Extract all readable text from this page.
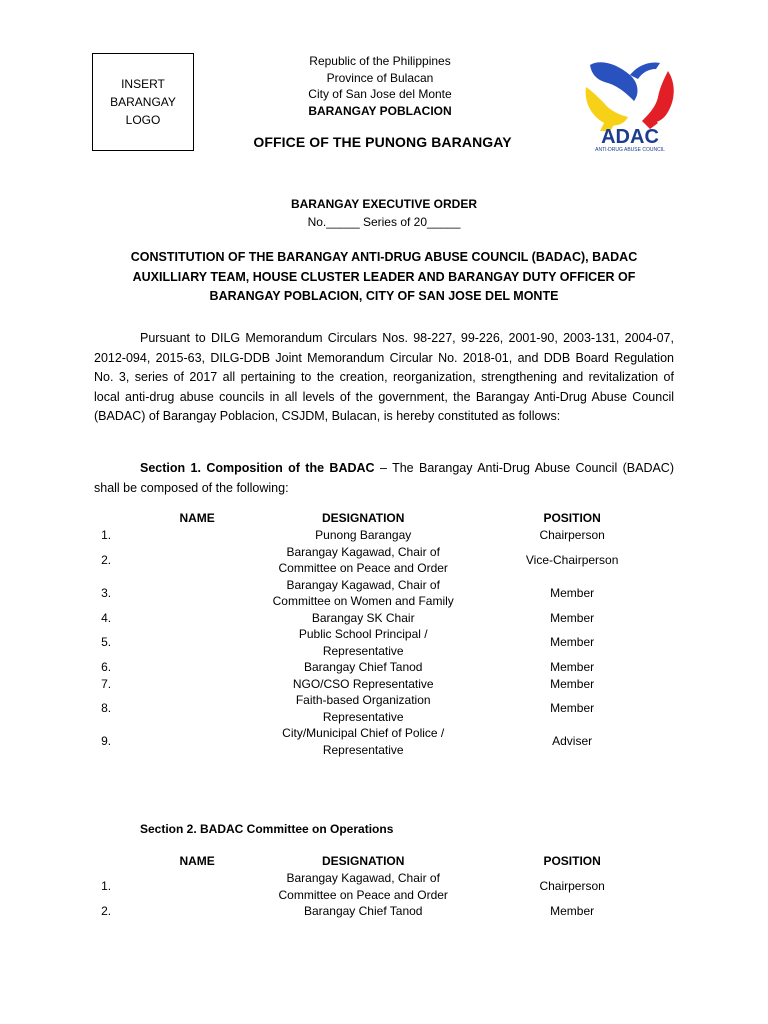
INSERT
BARANGAY
LOGO
Republic of the Philippines
Province of Bulacan
City of San Jose del Monte
BARANGAY POBLACION
OFFICE OF THE PUNONG BARANGAY	ADAC
ANTI-DRUG ABUSE COUNCIL
BARANGAY EXECUTIVE ORDER
No._____ Series of 20_____
CONSTITUTION OF THE BARANGAY ANTI-DRUG ABUSE COUNCIL (BADAC), BADAC AUXILLIARY TEAM, HOUSE CLUSTER LEADER AND BARANGAY DUTY OFFICER OF BARANGAY POBLACION, CITY OF SAN JOSE DEL MONTE
Pursuant to DILG Memorandum Circulars Nos. 98-227, 99-226, 2001-90, 2003-131, 2004-07, 2012-094, 2015-63, DILG-DDB Joint Memorandum Circular No. 2018-01, and DDB Board Regulation No. 3, series of 2017 all pertaining to the creation, reorganization, strengthening and revitalization of local anti-drug abuse councils in all levels of the government, the Barangay Anti-Drug Abuse Council (BADAC) of Barangay Poblacion, CSJDM, Bulacan, is hereby constituted as follows:
Section 1. Composition of the BADAC – The Barangay Anti-Drug Abuse Council (BADAC) shall be composed of the following:
	NAME	DESIGNATION	POSITION
1.		Punong Barangay	Chairperson
2.		Barangay Kagawad, Chair of Committee on Peace and Order	Vice-Chairperson
3.		Barangay Kagawad, Chair of Committee on Women and Family	Member
4.		Barangay SK Chair	Member
5.		Public School Principal / Representative	Member
6.		Barangay Chief Tanod	Member
7.		NGO/CSO Representative	Member
8.		Faith-based Organization Representative	Member
9.		City/Municipal Chief of Police / Representative	Adviser
Section 2. BADAC Committee on Operations
	NAME	DESIGNATION	POSITION
1.		Barangay Kagawad, Chair of Committee on Peace and Order	Chairperson
2.		Barangay Chief Tanod	Member
